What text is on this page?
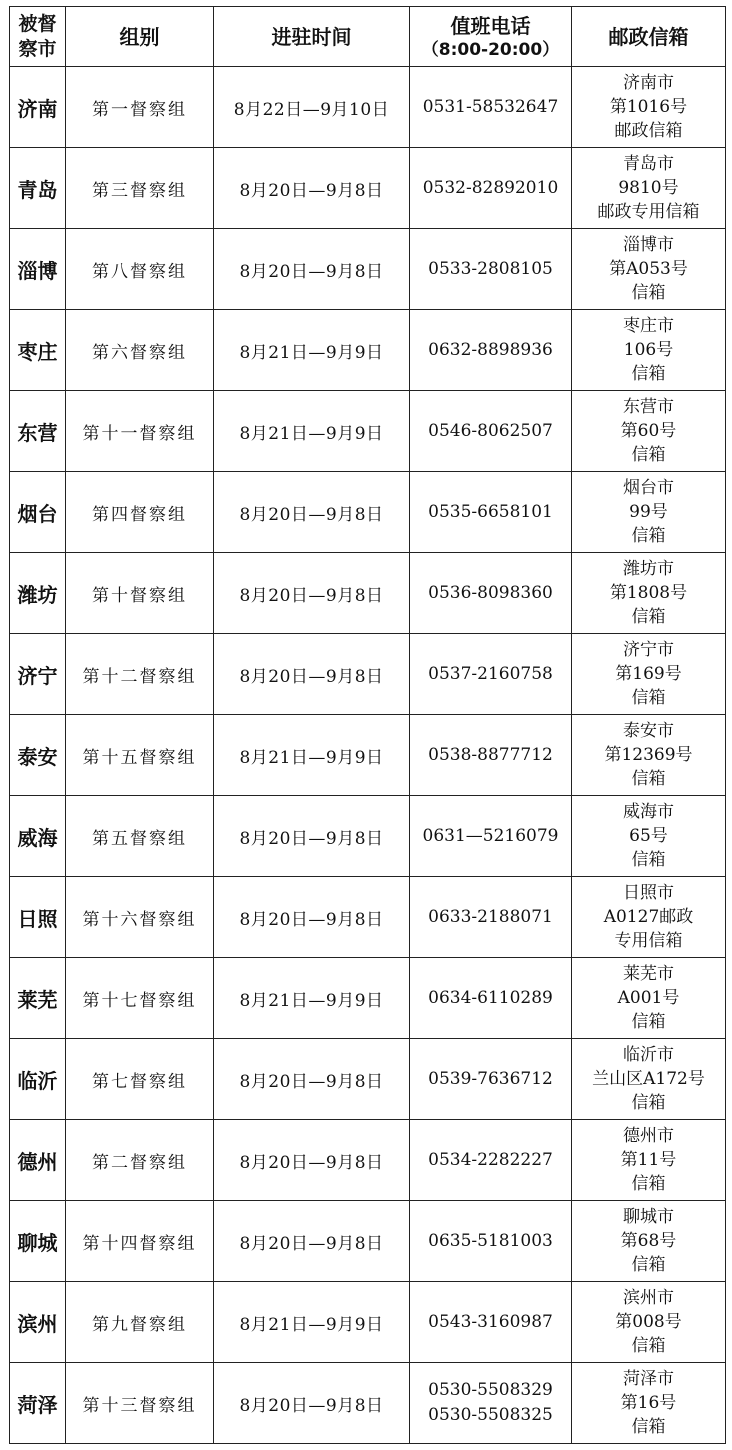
被督察市	组别	进驻时间	值班电话
（8:00-20:00）	邮政信箱
济南	第一督察组	8月22日—9月10日	0531-58532647	济南市
第1016号
邮政信箱

青岛	第三督察组	8月20日—9月8日	0532-82892010	青岛市
9810号
邮政专用信箱

淄博	第八督察组	8月20日—9月8日	0533-2808105	淄博市
第A053号
信箱

枣庄	第六督察组	8月21日—9月9日	0632-8898936	枣庄市
106号
信箱

东营	第十一督察组	8月21日—9月9日	0546-8062507	东营市
第60号
信箱

烟台	第四督察组	8月20日—9月8日	0535-6658101	烟台市
99号
信箱

潍坊	第十督察组	8月20日—9月8日	0536-8098360	潍坊市
第1808号
信箱

济宁	第十二督察组	8月20日—9月8日	0537-2160758	济宁市
第169号
信箱

泰安	第十五督察组	8月21日—9月9日	0538-8877712	泰安市
第12369号
信箱

威海	第五督察组	8月20日—9月8日	0631—5216079	威海市
65号
信箱

日照	第十六督察组	8月20日—9月8日	0633-2188071	日照市
A0127邮政
专用信箱

莱芜	第十七督察组	8月21日—9月9日	0634-6110289	莱芜市
A001号
信箱

临沂	第七督察组	8月20日—9月8日	0539-7636712	临沂市
兰山区A172号
信箱

德州	第二督察组	8月20日—9月8日	0534-2282227	德州市
第11号
信箱

聊城	第十四督察组	8月20日—9月8日	0635-5181003	聊城市
第68号
信箱

滨州	第九督察组	8月21日—9月9日	0543-3160987	滨州市
第008号
信箱

菏泽	第十三督察组	8月20日—9月8日	0530-5508329
0530-5508325	菏泽市
第16号
信箱
